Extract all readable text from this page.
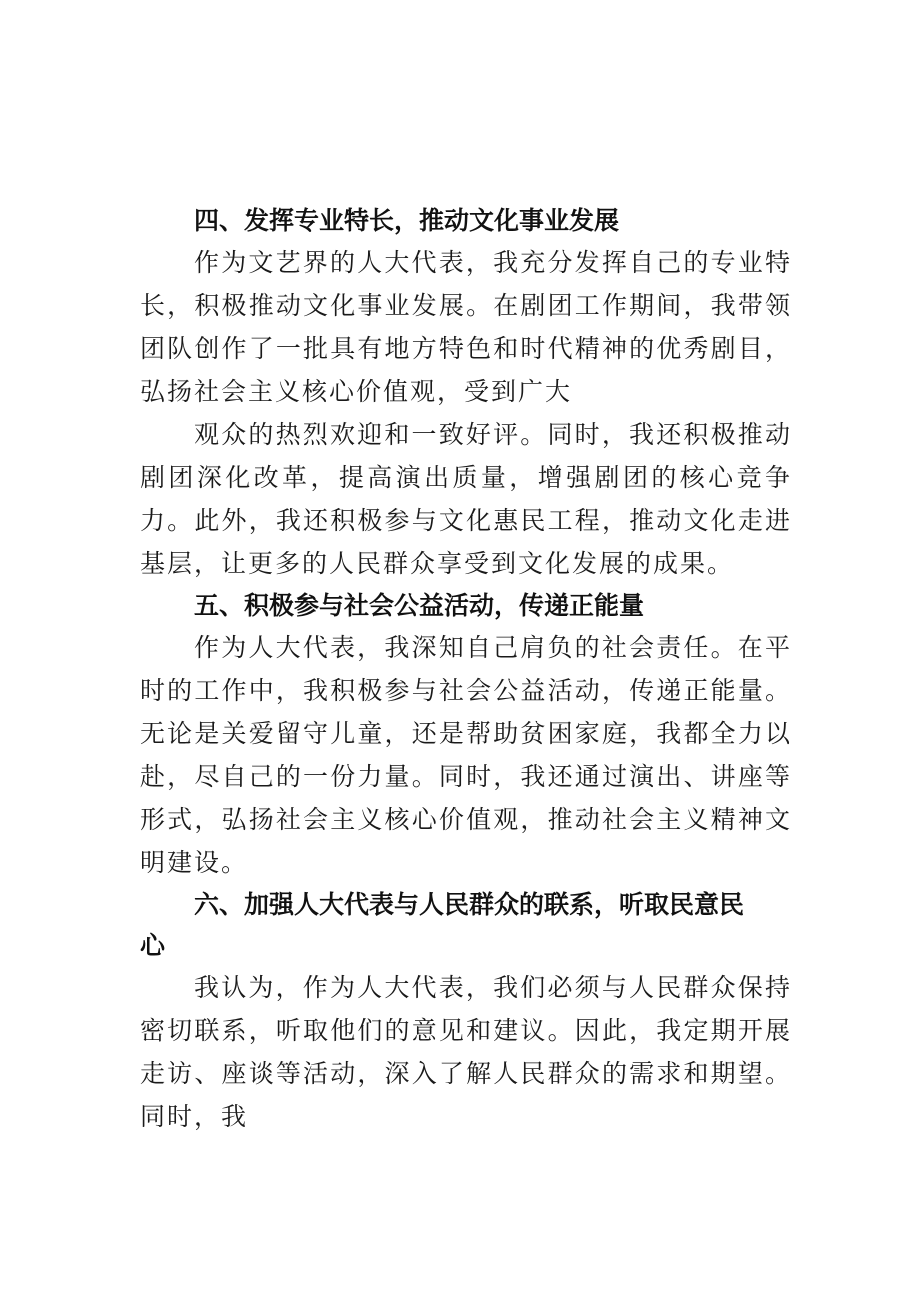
四、发挥专业特长，推动文化事业发展

作为文艺界的人大代表，我充分发挥自己的专业特长，积极推动文化事业发展。在剧团工作期间，我带领团队创作了一批具有地方特色和时代精神的优秀剧目，弘扬社会主义核心价值观，受到广大

观众的热烈欢迎和一致好评。同时，我还积极推动剧团深化改革，提高演出质量，增强剧团的核心竞争力。此外，我还积极参与文化惠民工程，推动文化走进基层，让更多的人民群众享受到文化发展的成果。

五、积极参与社会公益活动，传递正能量

作为人大代表，我深知自己肩负的社会责任。在平时的工作中，我积极参与社会公益活动，传递正能量。无论是关爱留守儿童，还是帮助贫困家庭，我都全力以赴，尽自己的一份力量。同时，我还通过演出、讲座等形式，弘扬社会主义核心价值观，推动社会主义精神文明建设。

六、加强人大代表与人民群众的联系，听取民意民心

我认为，作为人大代表，我们必须与人民群众保持密切联系，听取他们的意见和建议。因此，我定期开展走访、座谈等活动，深入了解人民群众的需求和期望。同时，我
